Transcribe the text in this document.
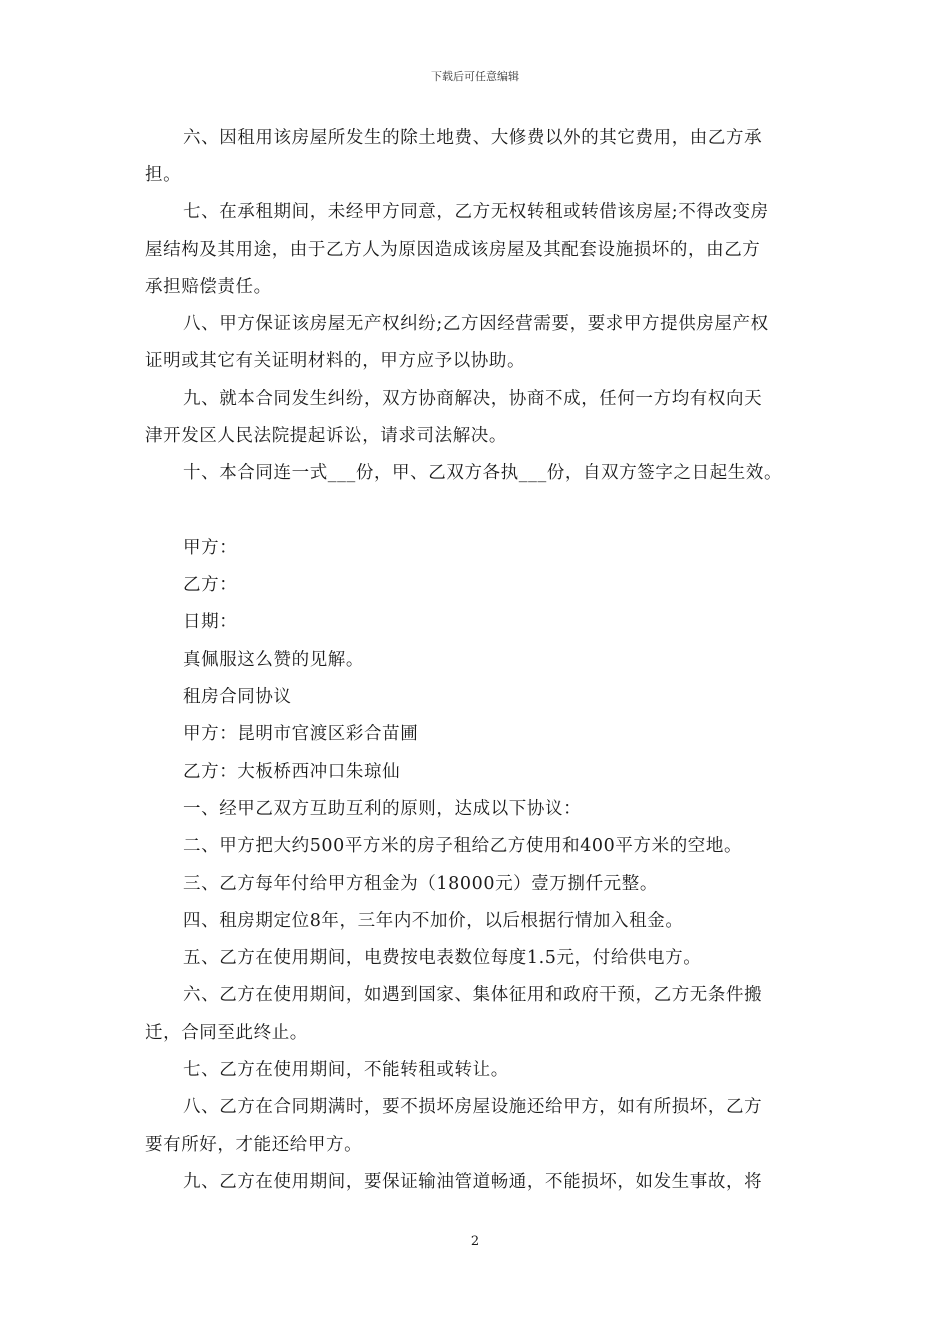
下载后可任意编辑
六、因租用该房屋所发生的除土地费、大修费以外的其它费用，由乙方承
担。
七、在承租期间，未经甲方同意，乙方无权转租或转借该房屋;不得改变房
屋结构及其用途，由于乙方人为原因造成该房屋及其配套设施损坏的，由乙方
承担赔偿责任。
八、甲方保证该房屋无产权纠纷;乙方因经营需要，要求甲方提供房屋产权
证明或其它有关证明材料的，甲方应予以协助。
九、就本合同发生纠纷，双方协商解决，协商不成，任何一方均有权向天
津开发区人民法院提起诉讼，请求司法解决。
十、本合同连一式___份，甲、乙双方各执___份，自双方签字之日起生效。
甲方：
乙方：
日期：
真佩服这么赞的见解。
租房合同协议
甲方：昆明市官渡区彩合苗圃
乙方：大板桥西冲口朱琼仙
一、经甲乙双方互助互利的原则，达成以下协议：
二、甲方把大约500平方米的房子租给乙方使用和400平方米的空地。
三、乙方每年付给甲方租金为（18000元）壹万捌仟元整。
四、租房期定位8年，三年内不加价，以后根据行情加入租金。
五、乙方在使用期间，电费按电表数位每度1.5元，付给供电方。
六、乙方在使用期间，如遇到国家、集体征用和政府干预，乙方无条件搬
迁，合同至此终止。
七、乙方在使用期间，不能转租或转让。
八、乙方在合同期满时，要不损坏房屋设施还给甲方，如有所损坏，乙方
要有所好，才能还给甲方。
九、乙方在使用期间，要保证输油管道畅通，不能损坏，如发生事故，将
2
